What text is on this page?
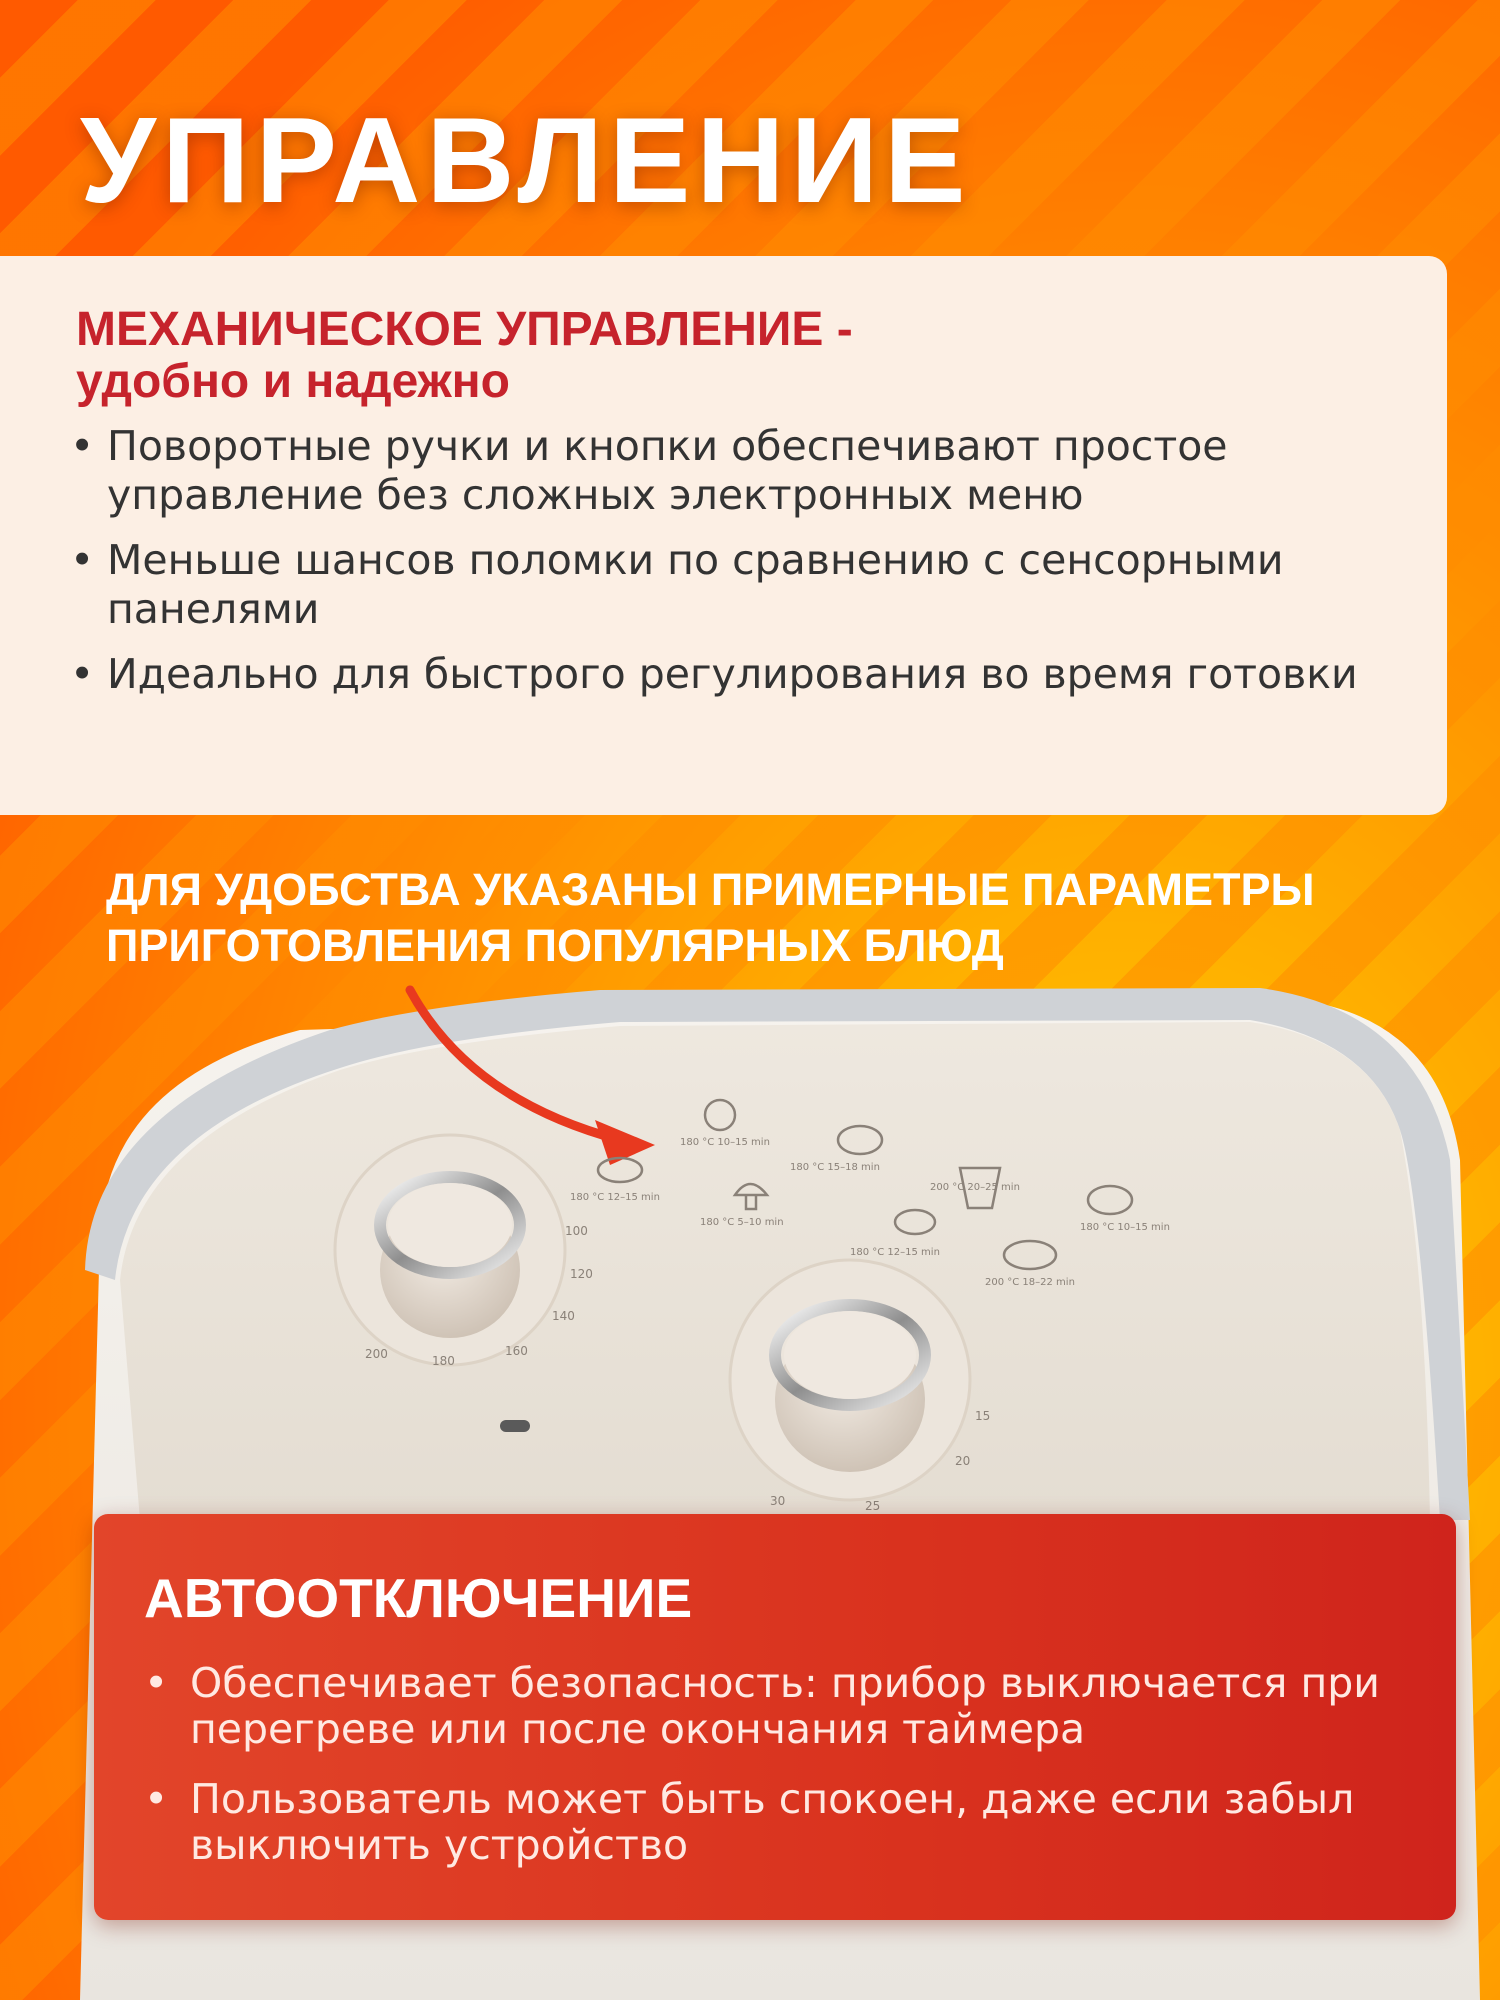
УПРАВЛЕНИЕ
МЕХАНИЧЕСКОЕ УПРАВЛЕНИЕ -
удобно и надежно
• Поворотные ручки и кнопки обеспечивают простое управление без сложных электронных меню
• Меньше шансов поломки по сравнению с сенсорными панелями
• Идеально для быстрого регулирования во время готовки

ДЛЯ УДОБСТВА УКАЗАНЫ ПРИМЕРНЫЕ ПАРАМЕТРЫ
ПРИГОТОВЛЕНИЯ ПОПУЛЯРНЫХ БЛЮД

180 °C 10–15 min
180 °C 15–18 min
180 °C 12–15 min
180 °C 5–10 min
200 °C 20–25 min
180 °C 10–15 min
180 °C 12–15 min
200 °C 18–22 min
200	180
160
140
120
100
30	25
20
15
АВТООТКЛЮЧЕНИЕ
• Обеспечивает безопасность: прибор выключается при перегреве или после окончания таймера
• Пользователь может быть спокоен, даже если забыл выключить устройство
